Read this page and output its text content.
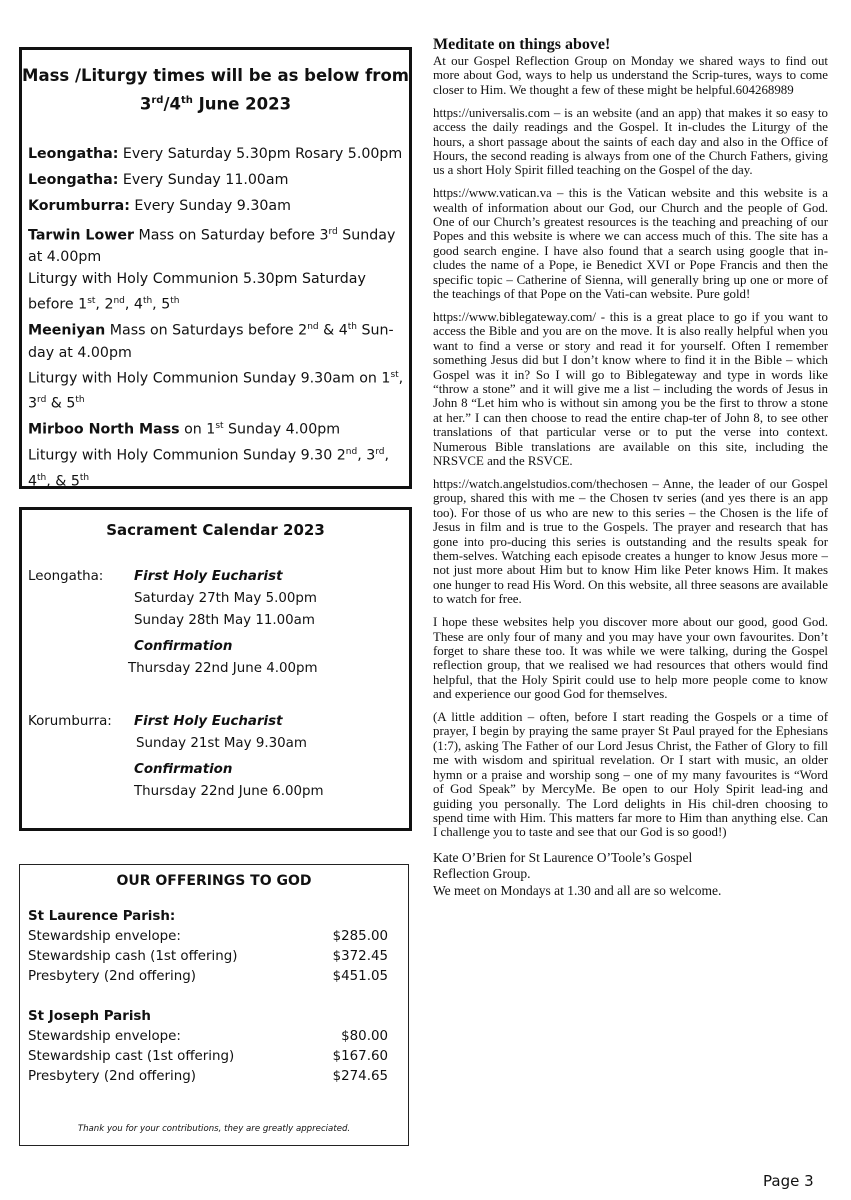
Mass /Liturgy times will be as below from
3rd/4th June 2023

Leongatha: Every Saturday 5.30pm Rosary 5.00pm

Leongatha: Every Sunday 11.00am

Korumburra: Every Sunday 9.30am

Tarwin Lower Mass on Saturday before 3rd Sunday at 4.00pm

Liturgy with Holy Communion 5.30pm Saturday before 1st, 2nd, 4th, 5th

Meeniyan Mass on Saturdays before 2nd & 4th Sun-day at 4.00pm

Liturgy with Holy Communion Sunday 9.30am on 1st, 3rd & 5th

Mirboo North Mass on 1st Sunday 4.00pm

Liturgy with Holy Communion Sunday 9.30 2nd, 3rd, 4th, & 5th

Sacrament Calendar 2023
Leongatha: First Holy Eucharist
Saturday 27th May 5.00pm
Sunday 28th May 11.00am
Confirmation
Thursday 22nd June 4.00pm
Korumburra: First Holy Eucharist
Sunday 21st May 9.30am
Confirmation
Thursday 22nd June 6.00pm
OUR OFFERINGS TO GOD
St Laurence Parish:
Stewardship envelope:	$285.00
Stewardship cash (1st offering)	$372.45
Presbytery (2nd offering)	$451.05
St Joseph Parish
Stewardship envelope:	$80.00
Stewardship cast (1st offering)	$167.60
Presbytery (2nd offering)	$274.65
Thank you for your contributions, they are greatly appreciated.
Meditate on things above!

At our Gospel Reflection Group on Monday we shared ways to find out more about God, ways to help us understand the Scrip-tures, ways to come closer to Him. We thought a few of these might be helpful.604268989

https://universalis.com – is an website (and an app) that makes it so easy to access the daily readings and the Gospel. It in-cludes the Liturgy of the hours, a short passage about the saints of each day and also in the Office of Hours, the second reading is always from one of the Church Fathers, giving us a short Holy Spirit filled teaching on the Gospel of the day.

https://www.vatican.va – this is the Vatican website and this website is a wealth of information about our God, our Church and the people of God. One of our Church’s greatest resources is the teaching and preaching of our Popes and this website is where we can access much of this. The site has a good search engine. I have also found that a search using google that in-cludes the name of a Pope, ie Benedict XVI or Pope Francis and then the specific topic – Catherine of Sienna, will generally bring up one or more of the teachings of that Pope on the Vati-can website. Pure gold!

https://www.biblegateway.com/ - this is a great place to go if you want to access the Bible and you are on the move. It is also really helpful when you want to find a verse or story and read it for yourself. Often I remember something Jesus did but I don’t know where to find it in the Bible – which Gospel was it in? So I will go to Biblegateway and type in words like “throw a stone” and it will give me a list – including the words of Jesus in John 8 “Let him who is without sin among you be the first to throw a stone at her.” I can then choose to read the entire chap-ter of John 8, to see other translations of that particular verse or to put the verse into context. Numerous Bible translations are available on this site, including the NRSVCE and the RSVCE.

https://watch.angelstudios.com/thechosen – Anne, the leader of our Gospel group, shared this with me – the Chosen tv series (and yes there is an app too). For those of us who are new to this series – the Chosen is the life of Jesus in film and is true to the Gospels. The prayer and research that has gone into pro-ducing this series is outstanding and the results speak for them-selves. Watching each episode creates a hunger to know Jesus more – not just more about Him but to know Him like Peter knows Him. It makes one hunger to read His Word. On this website, all three seasons are available to watch for free.

I hope these websites help you discover more about our good, good God. These are only four of many and you may have your own favourites. Don’t forget to share these too. It was while we were talking, during the Gospel reflection group, that we realised we had resources that others would find helpful, that the Holy Spirit could use to help more people come to know and experience our good God for themselves.

(A little addition – often, before I start reading the Gospels or a time of prayer, I begin by praying the same prayer St Paul prayed for the Ephesians (1:7), asking The Father of our Lord Jesus Christ, the Father of Glory to fill me with wisdom and spiritual revelation. Or I start with music, an older hymn or a praise and worship song – one of my many favourites is “Word of God Speak” by MercyMe. Be open to our Holy Spirit lead-ing and guiding you personally. The Lord delights in His chil-dren choosing to spend time with Him. This matters far more to Him than anything else. Can I challenge you to taste and see that our God is so good!)

Kate O’Brien for St Laurence O’Toole’s Gospel
Reflection Group.
We meet on Mondays at 1.30 and all are so welcome.
Page 3
